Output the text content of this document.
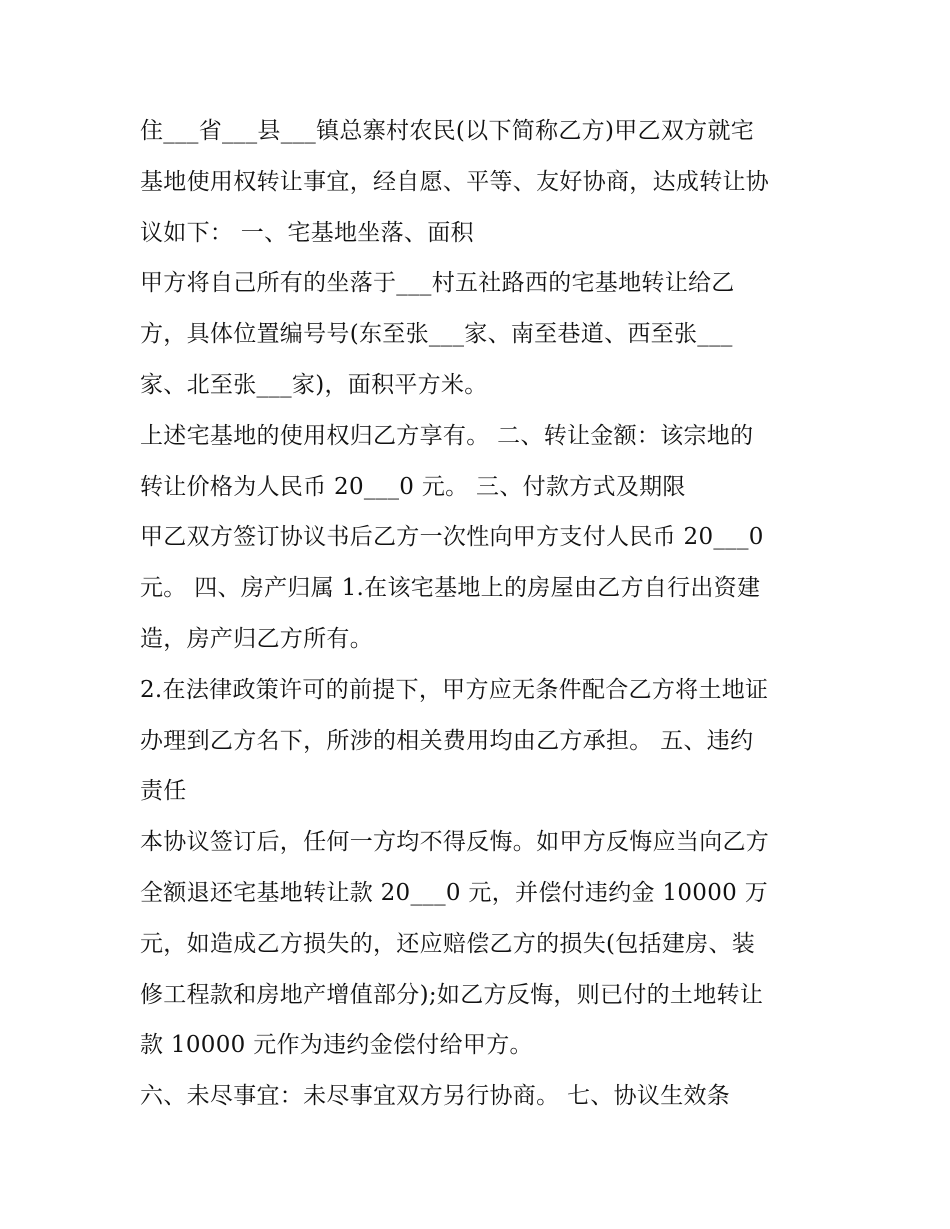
住___省___县___镇总寨村农民(以下简称乙方)甲乙双方就宅
基地使用权转让事宜，经自愿、平等、友好协商，达成转让协
议如下： 一、宅基地坐落、面积
甲方将自己所有的坐落于___村五社路西的宅基地转让给乙
方，具体位置编号号(东至张___家、南至巷道、西至张___
家、北至张___家)，面积平方米。
上述宅基地的使用权归乙方享有。 二、转让金额：该宗地的
转让价格为人民币 20___0 元。 三、付款方式及期限
甲乙双方签订协议书后乙方一次性向甲方支付人民币 20___0
元。 四、房产归属 1.在该宅基地上的房屋由乙方自行出资建
造，房产归乙方所有。
2.在法律政策许可的前提下，甲方应无条件配合乙方将土地证
办理到乙方名下，所涉的相关费用均由乙方承担。 五、违约
责任
本协议签订后，任何一方均不得反悔。如甲方反悔应当向乙方
全额退还宅基地转让款 20___0 元，并偿付违约金 10000 万
元，如造成乙方损失的，还应赔偿乙方的损失(包括建房、装
修工程款和房地产增值部分);如乙方反悔，则已付的土地转让
款 10000 元作为违约金偿付给甲方。
六、未尽事宜：未尽事宜双方另行协商。 七、协议生效条
